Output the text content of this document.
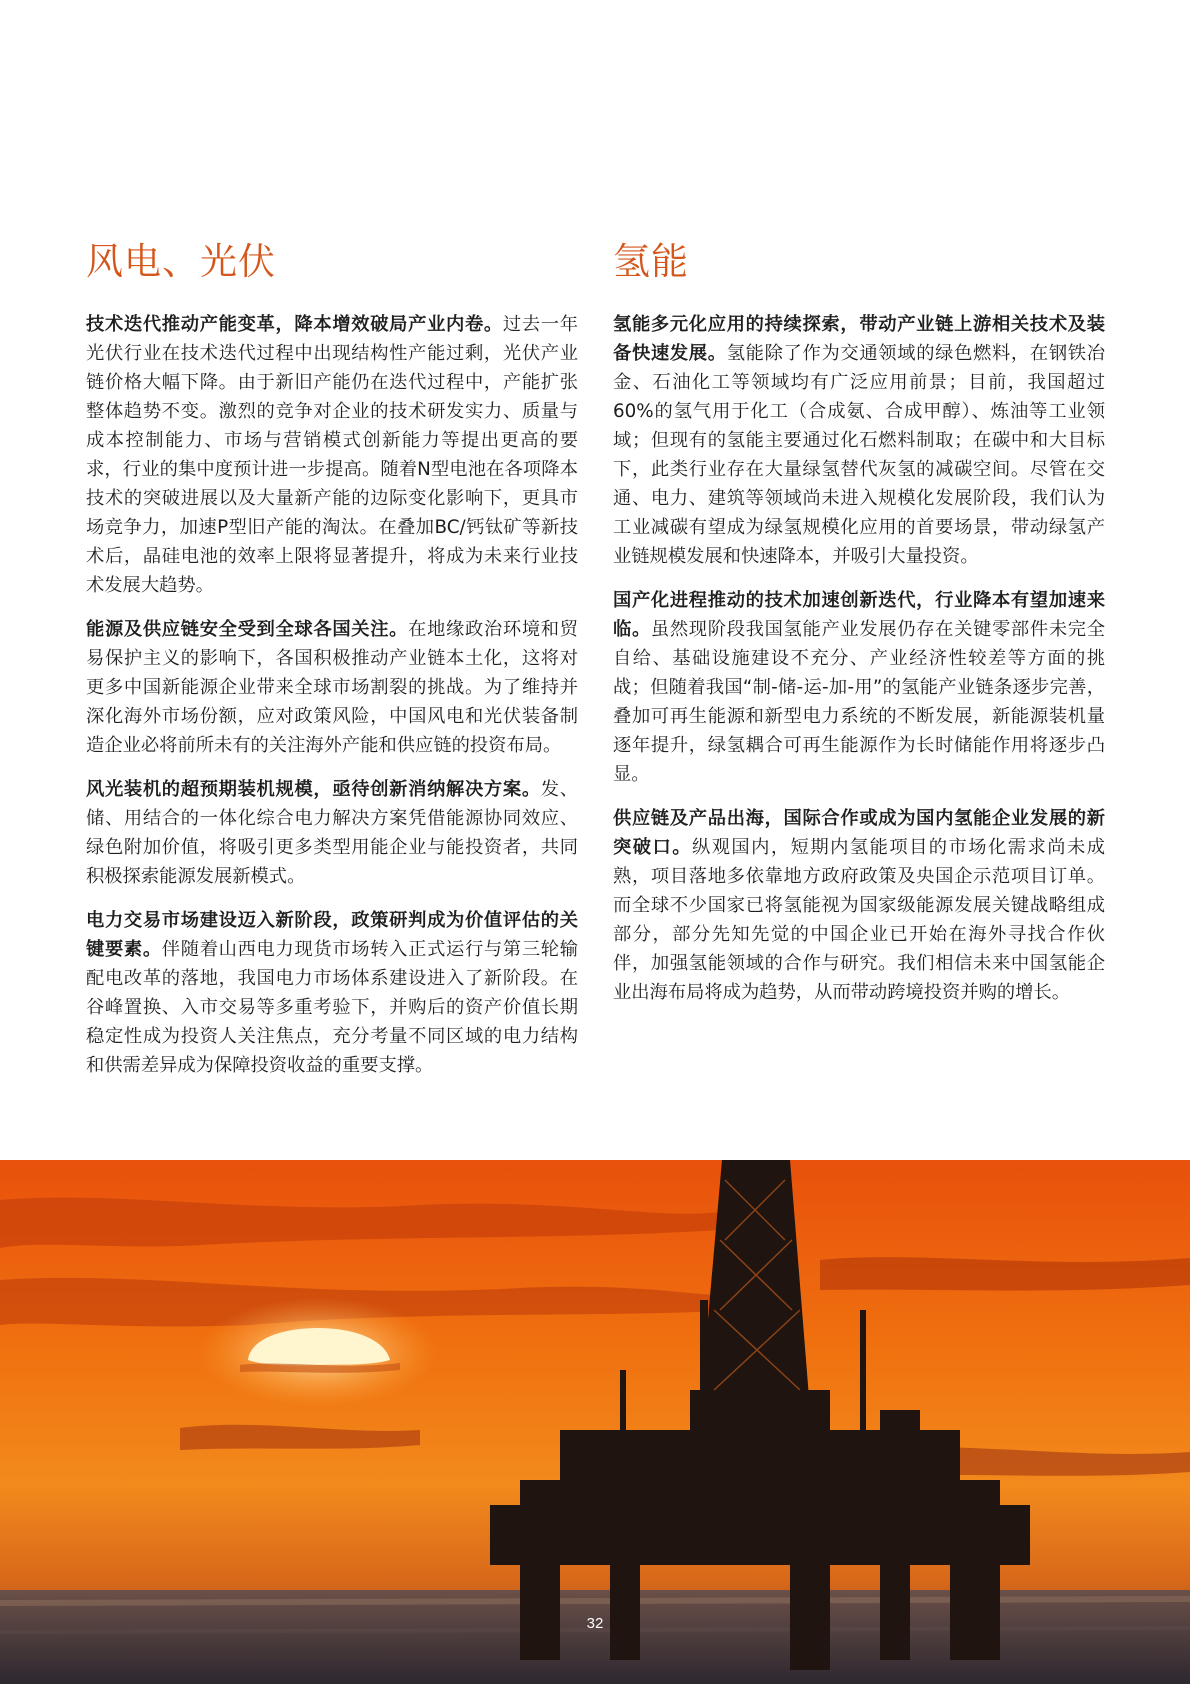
风电、光伏

技术迭代推动产能变革，降本增效破局产业内卷。过去一年光伏行业在技术迭代过程中出现结构性产能过剩，光伏产业链价格大幅下降。由于新旧产能仍在迭代过程中，产能扩张整体趋势不变。激烈的竞争对企业的技术研发实力、质量与成本控制能力、市场与营销模式创新能力等提出更高的要求，行业的集中度预计进一步提高。随着N型电池在各项降本技术的突破进展以及大量新产能的边际变化影响下，更具市场竞争力，加速P型旧产能的淘汰。在叠加BC/钙钛矿等新技术后，晶硅电池的效率上限将显著提升，将成为未来行业技术发展大趋势。

能源及供应链安全受到全球各国关注。在地缘政治环境和贸易保护主义的影响下，各国积极推动产业链本土化，这将对更多中国新能源企业带来全球市场割裂的挑战。为了维持并深化海外市场份额，应对政策风险，中国风电和光伏装备制造企业必将前所未有的关注海外产能和供应链的投资布局。

风光装机的超预期装机规模，亟待创新消纳解决方案。发、储、用结合的一体化综合电力解决方案凭借能源协同效应、绿色附加价值，将吸引更多类型用能企业与能投资者，共同积极探索能源发展新模式。

电力交易市场建设迈入新阶段，政策研判成为价值评估的关键要素。伴随着山西电力现货市场转入正式运行与第三轮输配电改革的落地，我国电力市场体系建设进入了新阶段。在谷峰置换、入市交易等多重考验下，并购后的资产价值长期稳定性成为投资人关注焦点，充分考量不同区域的电力结构和供需差异成为保障投资收益的重要支撑。

氢能

氢能多元化应用的持续探索，带动产业链上游相关技术及装备快速发展。氢能除了作为交通领域的绿色燃料，在钢铁冶金、石油化工等领域均有广泛应用前景；目前，我国超过60%的氢气用于化工（合成氨、合成甲醇）、炼油等工业领域；但现有的氢能主要通过化石燃料制取；在碳中和大目标下，此类行业存在大量绿氢替代灰氢的减碳空间。尽管在交通、电力、建筑等领域尚未进入规模化发展阶段，我们认为工业减碳有望成为绿氢规模化应用的首要场景，带动绿氢产业链规模发展和快速降本，并吸引大量投资。

国产化进程推动的技术加速创新迭代，行业降本有望加速来临。虽然现阶段我国氢能产业发展仍存在关键零部件未完全自给、基础设施建设不充分、产业经济性较差等方面的挑战；但随着我国“制-储-运-加-用”的氢能产业链条逐步完善，叠加可再生能源和新型电力系统的不断发展，新能源装机量逐年提升，绿氢耦合可再生能源作为长时储能作用将逐步凸显。

供应链及产品出海，国际合作或成为国内氢能企业发展的新突破口。纵观国内，短期内氢能项目的市场化需求尚未成熟，项目落地多依靠地方政府政策及央国企示范项目订单。而全球不少国家已将氢能视为国家级能源发展关键战略组成部分，部分先知先觉的中国企业已开始在海外寻找合作伙伴，加强氢能领域的合作与研究。我们相信未来中国氢能企业出海布局将成为趋势，从而带动跨境投资并购的增长。

32
